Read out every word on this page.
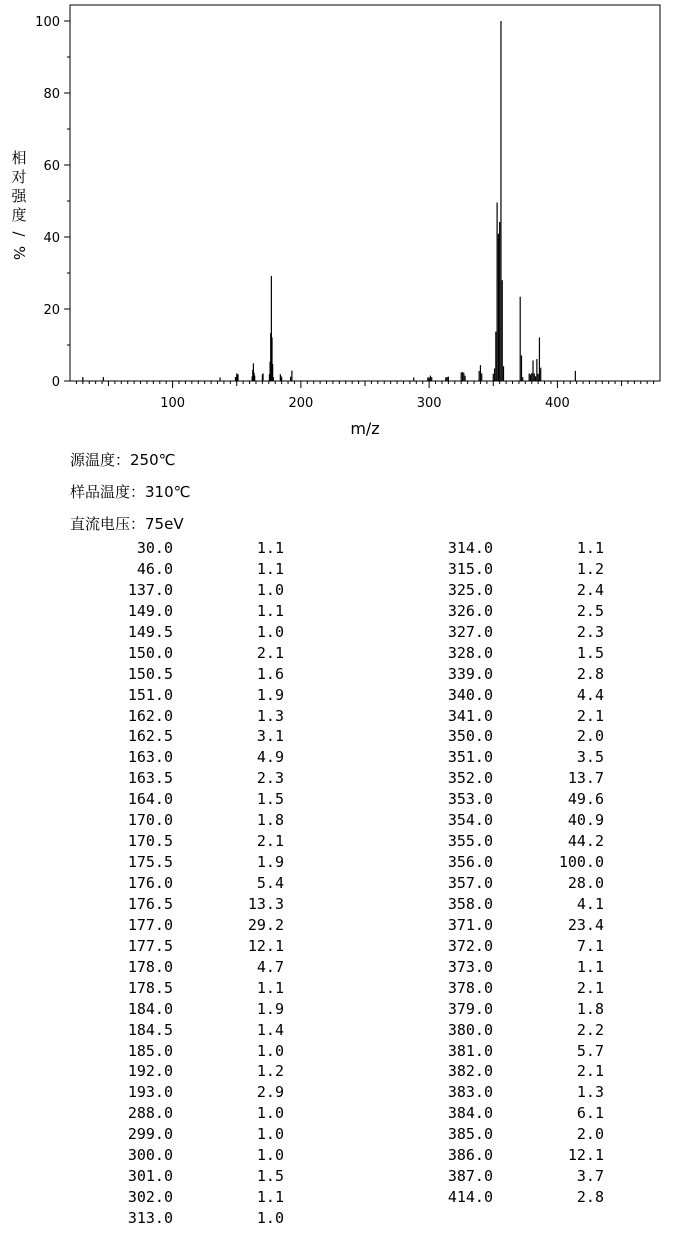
0
20
40
60
80
100
100	200	300	400
m/z
相
对
强
度
/
%
源温度：250℃
样品温度：310℃
直流电压：75eV
30.0	1.1
46.0	1.1
137.0	1.0
149.0	1.1
149.5	1.0
150.0	2.1
150.5	1.6
151.0	1.9
162.0	1.3
162.5	3.1
163.0	4.9
163.5	2.3
164.0	1.5
170.0	1.8
170.5	2.1
175.5	1.9
176.0	5.4
176.5	13.3
177.0	29.2
177.5	12.1
178.0	4.7
178.5	1.1
184.0	1.9
184.5	1.4
185.0	1.0
192.0	1.2
193.0	2.9
288.0	1.0
299.0	1.0
300.0	1.0
301.0	1.5
302.0	1.1
313.0	1.0
314.0	1.1
315.0	1.2
325.0	2.4
326.0	2.5
327.0	2.3
328.0	1.5
339.0	2.8
340.0	4.4
341.0	2.1
350.0	2.0
351.0	3.5
352.0	13.7
353.0	49.6
354.0	40.9
355.0	44.2
356.0	100.0
357.0	28.0
358.0	4.1
371.0	23.4
372.0	7.1
373.0	1.1
378.0	2.1
379.0	1.8
380.0	2.2
381.0	5.7
382.0	2.1
383.0	1.3
384.0	6.1
385.0	2.0
386.0	12.1
387.0	3.7
414.0	2.8
